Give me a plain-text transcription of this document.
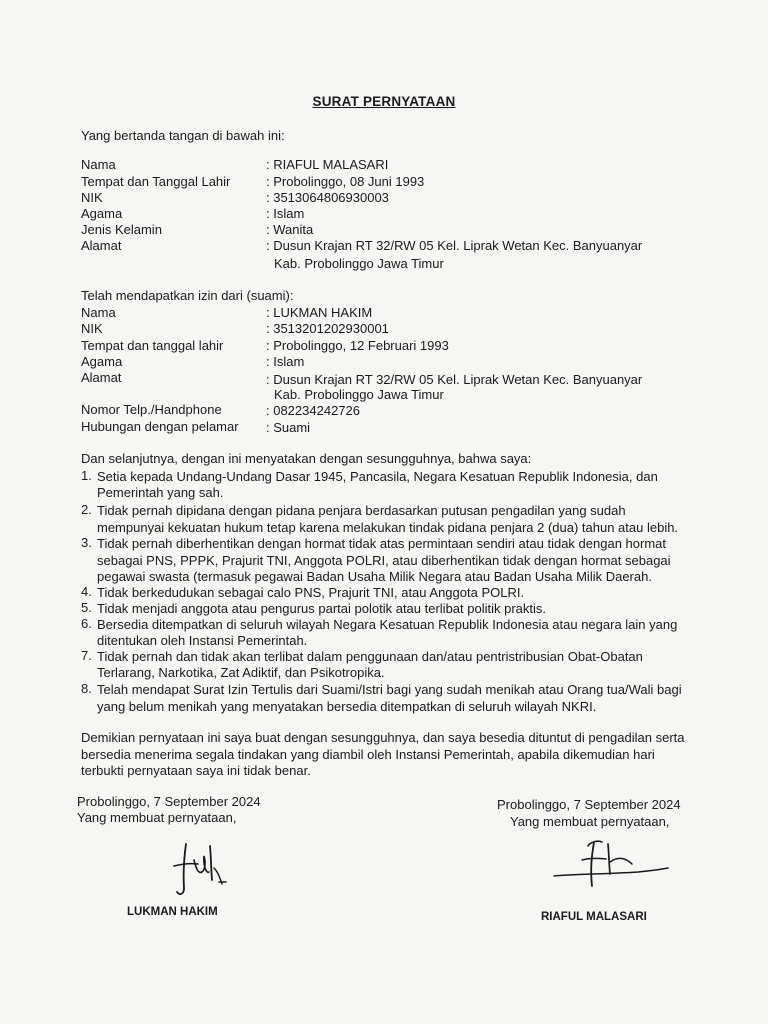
SURAT PERNYATAAN
Yang bertanda tangan di bawah ini:
Nama	: RIAFUL MALASARI
Tempat dan Tanggal Lahir	: Probolinggo, 08 Juni 1993
NIK	: 3513064806930003
Agama	: Islam
Jenis Kelamin	: Wanita
Alamat	: Dusun Krajan RT 32/RW 05 Kel. Liprak Wetan Kec. Banyuanyar
Kab. Probolinggo Jawa Timur
Telah mendapatkan izin dari (suami):
Nama	: LUKMAN HAKIM
NIK	: 3513201202930001
Tempat dan tanggal lahir	: Probolinggo, 12 Februari 1993
Agama	: Islam
Alamat	: Dusun Krajan RT 32/RW 05 Kel. Liprak Wetan Kec. Banyuanyar
Kab. Probolinggo Jawa Timur
Nomor Telp./Handphone	: 082234242726
Hubungan dengan pelamar : Suami
Dan selanjutnya, dengan ini menyatakan dengan sesungguhnya, bahwa saya:
1. Setia kepada Undang-Undang Dasar 1945, Pancasila, Negara Kesatuan Republik Indonesia, dan
Pemerintah yang sah.
2. Tidak pernah dipidana dengan pidana penjara berdasarkan putusan pengadilan yang sudah
mempunyai kekuatan hukum tetap karena melakukan tindak pidana penjara 2 (dua) tahun atau lebih.
3. Tidak pernah diberhentikan dengan hormat tidak atas permintaan sendiri atau tidak dengan hormat
sebagai PNS, PPPK, Prajurit TNI, Anggota POLRI, atau diberhentikan tidak dengan hormat sebagai
pegawai swasta (termasuk pegawai Badan Usaha Milik Negara atau Badan Usaha Milik Daerah.
4. Tidak berkedudukan sebagai calo PNS, Prajurit TNI, atau Anggota POLRI.
5. Tidak menjadi anggota atau pengurus partai polotik atau terlibat politik praktis.
6. Bersedia ditempatkan di seluruh wilayah Negara Kesatuan Republik Indonesia atau negara lain yang
ditentukan oleh Instansi Pemerintah.
7. Tidak pernah dan tidak akan terlibat dalam penggunaan dan/atau pentristribusian Obat-Obatan
Terlarang, Narkotika, Zat Adiktif, dan Psikotropika.
8. Telah mendapat Surat Izin Tertulis dari Suami/Istri bagi yang sudah menikah atau Orang tua/Wali bagi
yang belum menikah yang menyatakan bersedia ditempatkan di seluruh wilayah NKRI.
Demikian pernyataan ini saya buat dengan sesungguhnya, dan saya besedia dituntut di pengadilan serta
bersedia menerima segala tindakan yang diambil oleh Instansi Pemerintah, apabila dikemudian hari
terbukti pernyataan saya ini tidak benar.
Probolinggo, 7 September 2024
Yang membuat pernyataan,
LUKMAN HAKIM
Probolinggo, 7 September 2024
Yang membuat pernyataan,
RIAFUL MALASARI
